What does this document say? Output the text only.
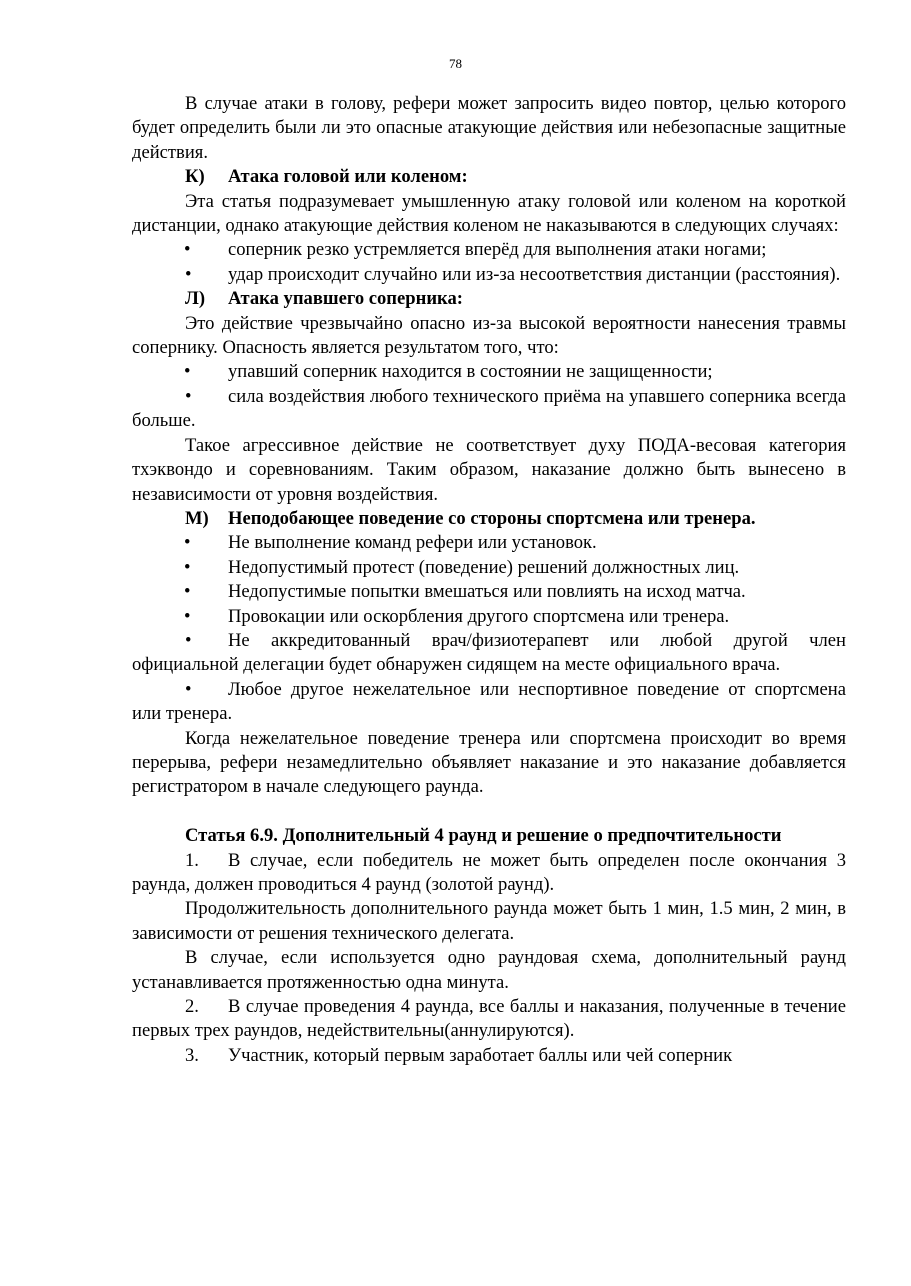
78

В случае атаки в голову, рефери может запросить видео повтор, целью которого будет определить были ли это опасные атакующие действия или небезопасные защитные действия.

К) Атака головой или коленом:

Эта статья подразумевает умышленную атаку головой или коленом на короткой дистанции, однако атакующие действия коленом не наказываются в следующих случаях:

• соперник резко устремляется вперёд для выполнения атаки ногами;

• удар происходит случайно или из-за несоответствия дистанции (расстояния).

Л) Атака упавшего соперника:

Это действие чрезвычайно опасно из-за высокой вероятности нанесения травмы сопернику. Опасность является результатом того, что:

• упавший соперник находится в состоянии не защищенности;

• сила воздействия любого технического приёма на упавшего соперника всегда больше.

Такое агрессивное действие не соответствует духу ПОДА-весовая категория тхэквондо и соревнованиям. Таким образом, наказание должно быть вынесено в независимости от уровня воздействия.

М) Неподобающее поведение со стороны спортсмена или тренера.

• Не выполнение команд рефери или установок.

• Недопустимый протест (поведение) решений должностных лиц.

• Недопустимые попытки вмешаться или повлиять на исход матча.

• Провокации или оскорбления другого спортсмена или тренера.

• Не аккредитованный врач/физиотерапевт или любой другой член официальной делегации будет обнаружен сидящем на месте официального врача.

• Любое другое нежелательное или неспортивное поведение от спортсмена или тренера.

Когда нежелательное поведение тренера или спортсмена происходит во время перерыва, рефери незамедлительно объявляет наказание и это наказание добавляется регистратором в начале следующего раунда.

Статья 6.9. Дополнительный 4 раунд и решение о предпочтительности

1. В случае, если победитель не может быть определен после окончания 3 раунда, должен проводиться 4 раунд (золотой раунд).

Продолжительность дополнительного раунда может быть 1 мин, 1.5 мин, 2 мин, в зависимости от решения технического делегата.

В случае, если используется одно раундовая схема, дополнительный раунд устанавливается протяженностью одна минута.

2. В случае проведения 4 раунда, все баллы и наказания, полученные в течение первых трех раундов, недействительны(аннулируются).

3. Участник, который первым заработает баллы или чей соперник
